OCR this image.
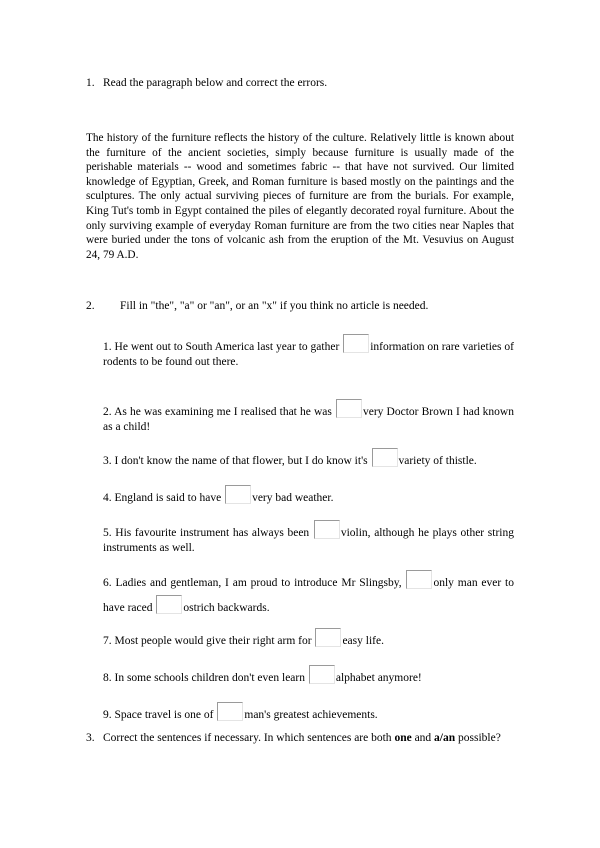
1. Read the paragraph below and correct the errors.
The history of the furniture reflects the history of the culture. Relatively little is known about the furniture of the ancient societies, simply because furniture is usually made of the perishable materials -- wood and sometimes fabric -- that have not survived. Our limited knowledge of Egyptian, Greek, and Roman furniture is based mostly on the paintings and the sculptures. The only actual surviving pieces of furniture are from the burials. For example, King Tut's tomb in Egypt contained the piles of elegantly decorated royal furniture. About the only surviving example of everyday Roman furniture are from the two cities near Naples that were buried under the tons of volcanic ash from the eruption of the Mt. Vesuvius on August 24, 79 A.D.
2. Fill in "the", "a" or "an", or an "x" if you think no article is needed.
1. He went out to South America last year to gather information on rare varieties of rodents to be found out there.
2. As he was examining me I realised that he was very Doctor Brown I had known as a child!
3. I don't know the name of that flower, but I do know it's variety of thistle.
4. England is said to have very bad weather.
5. His favourite instrument has always been violin, although he plays other string instruments as well.
6. Ladies and gentleman, I am proud to introduce Mr Slingsby, only man ever to have raced ostrich backwards.
7. Most people would give their right arm for easy life.
8. In some schools children don't even learn alphabet anymore!
9. Space travel is one of man's greatest achievements.
3. Correct the sentences if necessary. In which sentences are both one and a/an possible?
